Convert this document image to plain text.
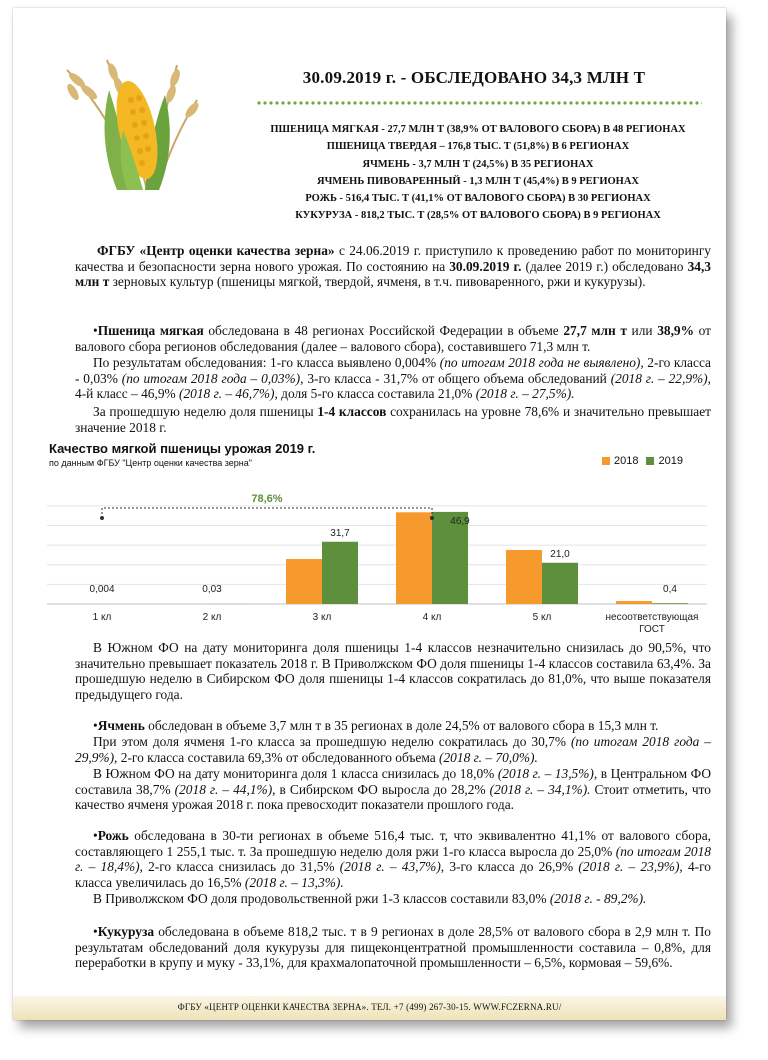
30.09.2019 г. - ОБСЛЕДОВАНО 34,3 МЛН Т
ПШЕНИЦА МЯГКАЯ - 27,7 МЛН Т (38,9% ОТ ВАЛОВОГО СБОРА) В 48 РЕГИОНАХ
ПШЕНИЦА ТВЕРДАЯ – 176,8 ТЫС. Т (51,8%) В 6 РЕГИОНАХ
ЯЧМЕНЬ - 3,7 МЛН Т (24,5%) В 35 РЕГИОНАХ
ЯЧМЕНЬ ПИВОВАРЕННЫЙ - 1,3 МЛН Т (45,4%) В 9 РЕГИОНАХ
РОЖЬ - 516,4 ТЫС. Т (41,1% ОТ ВАЛОВОГО СБОРА) В 30 РЕГИОНАХ
КУКУРУЗА - 818,2 ТЫС. Т (28,5% ОТ ВАЛОВОГО СБОРА) В 9 РЕГИОНАХ
ФГБУ «Центр оценки качества зерна» с 24.06.2019 г. приступило к проведению работ по мониторингу качества и безопасности зерна нового урожая. По состоянию на 30.09.2019 г. (далее 2019 г.) обследовано 34,3 млн т зерновых культур (пшеницы мягкой, твердой, ячменя, в т.ч. пивоваренного, ржи и кукурузы).
•Пшеница мягкая обследована в 48 регионах Российской Федерации в объеме 27,7 млн т или 38,9% от валового сбора регионов обследования (далее – валового сбора), составившего 71,3 млн т.
По результатам обследования: 1-го класса выявлено 0,004% (по итогам 2018 года не выявлено), 2-го класса - 0,03% (по итогам 2018 года – 0,03%), 3-го класса - 31,7% от общего объема обследований (2018 г. – 22,9%), 4-й класс – 46,9% (2018 г. – 46,7%), доля 5-го класса составила 21,0% (2018 г. – 27,5%).
За прошедшую неделю доля пшеницы 1-4 классов сохранилась на уровне 78,6% и значительно превышает значение 2018 г.
Качество мягкой пшеницы урожая 2019 г.
по данным ФГБУ "Центр оценки качества зерна"	2018 2019
0,004
1 кл
0,03
2 кл
31,7
3 кл
46,9
4 кл
21,0
5 кл
0,4
несоответствующая ГОСТ
78,6%
В Южном ФО на дату мониторинга доля пшеницы 1-4 классов незначительно снизилась до 90,5%, что значительно превышает показатель 2018 г. В Приволжском ФО доля пшеницы 1-4 классов составила 63,4%. За прошедшую неделю в Сибирском ФО доля пшеницы 1-4 классов сократилась до 81,0%, что выше показателя предыдущего года.
•Ячмень обследован в объеме 3,7 млн т в 35 регионах в доле 24,5% от валового сбора в 15,3 млн т.
При этом доля ячменя 1-го класса за прошедшую неделю сократилась до 30,7% (по итогам 2018 года – 29,9%), 2-го класса составила 69,3% от обследованного объема (2018 г. – 70,0%).
В Южном ФО на дату мониторинга доля 1 класса снизилась до 18,0% (2018 г. – 13,5%), в Центральном ФО составила 38,7% (2018 г. – 44,1%), в Сибирском ФО выросла до 28,2% (2018 г. – 34,1%). Стоит отметить, что качество ячменя урожая 2018 г. пока превосходит показатели прошлого года.
•Рожь обследована в 30-ти регионах в объеме 516,4 тыс. т, что эквивалентно 41,1% от валового сбора, составляющего 1 255,1 тыс. т. За прошедшую неделю доля ржи 1-го класса выросла до 25,0% (по итогам 2018 г. – 18,4%), 2-го класса снизилась до 31,5% (2018 г. – 43,7%), 3-го класса до 26,9% (2018 г. – 23,9%), 4-го класса увеличилась до 16,5% (2018 г. – 13,3%).
В Приволжском ФО доля продовольственной ржи 1-3 классов составили 83,0% (2018 г. - 89,2%).
•Кукуруза обследована в объеме 818,2 тыс. т в 9 регионах в доле 28,5% от валового сбора в 2,9 млн т. По результатам обследований доля кукурузы для пищеконцентратной промышленности составила – 0,8%, для переработки в крупу и муку - 33,1%, для крахмалопаточной промышленности – 6,5%, кормовая – 59,6%.
ФГБУ «ЦЕНТР ОЦЕНКИ КАЧЕСТВА ЗЕРНА». ТЕЛ. +7 (499) 267-30-15. WWW.FCZERNA.RU/
